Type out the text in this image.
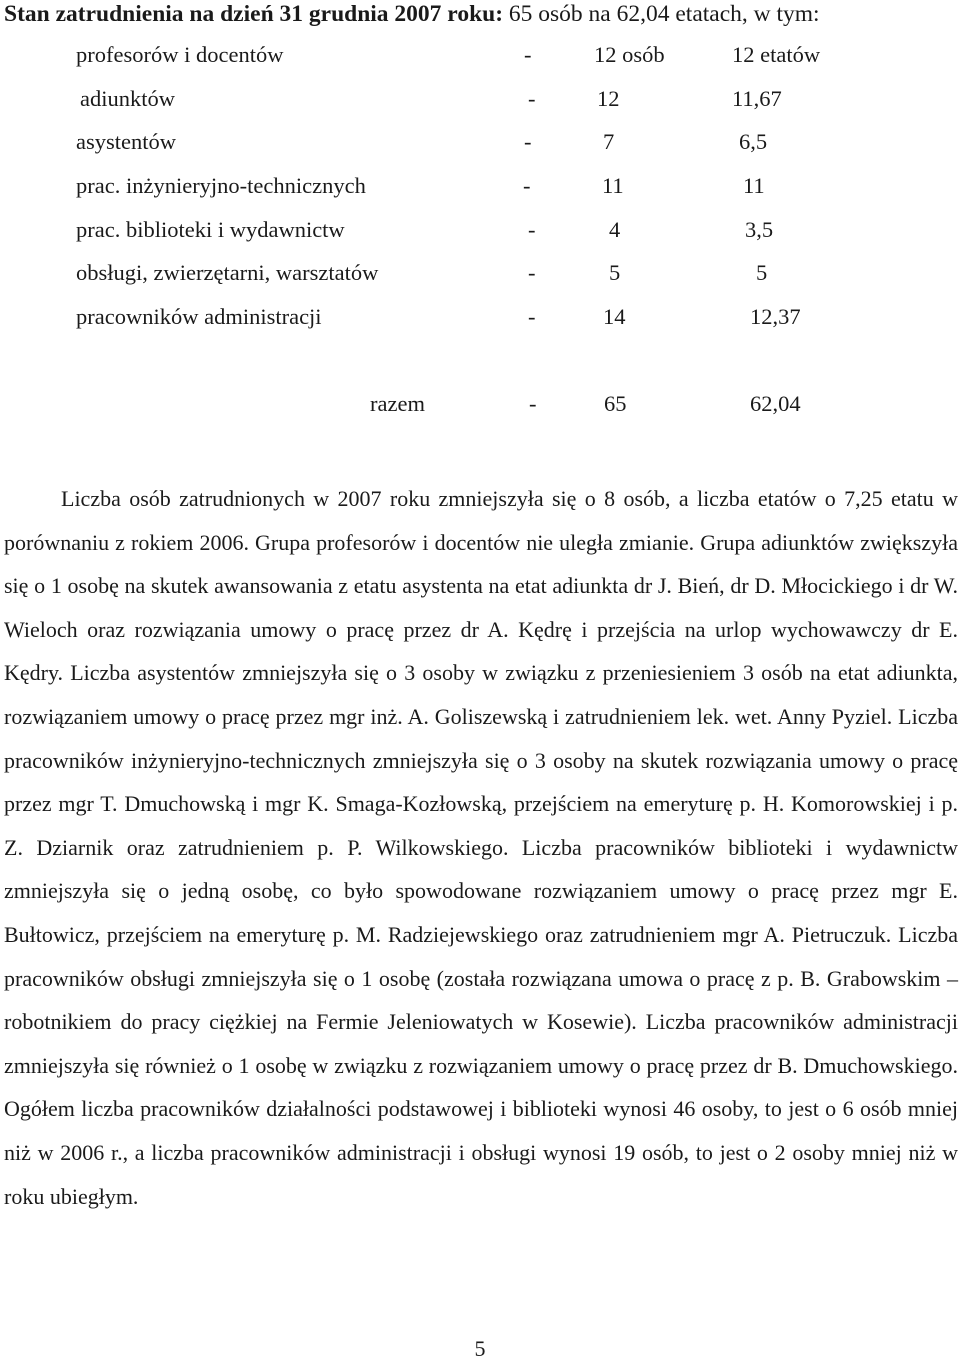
Stan zatrudnienia na dzień 31 grudnia 2007 roku: 65 osób na 62,04 etatach, w tym:
profesorów i docentów	-	12 osób	12 etatów
adiunktów	-	12	11,67
asystentów	-	7	6,5
prac. inżynieryjno-technicznych	-	11	11
prac. biblioteki i wydawnictw	-	4	3,5
obsługi, zwierzętarni, warsztatów	-	5	5
pracowników administracji	-	14	12,37
razem	-	65	62,04

Liczba osób zatrudnionych w 2007 roku zmniejszyła się o 8 osób, a liczba etatów o 7,25 etatu w porównaniu z rokiem 2006. Grupa profesorów i docentów nie uległa zmianie. Grupa adiunktów zwiększyła się o 1 osobę na skutek awansowania z etatu asystenta na etat adiunkta dr J. Bień, dr D. Młocickiego i dr W. Wieloch oraz rozwiązania umowy o pracę przez dr A. Kędrę i przejścia na urlop wychowawczy dr E. Kędry. Liczba asystentów zmniejszyła się o 3 osoby w związku z przeniesieniem 3 osób na etat adiunkta, rozwiązaniem umowy o pracę przez mgr inż. A. Goliszewską i zatrudnieniem lek. wet. Anny Pyziel. Liczba pracowników inżynieryjno-technicznych zmniejszyła się o 3 osoby na skutek rozwiązania umowy o pracę przez mgr T. Dmuchowską i mgr K. Smaga-Kozłowską, przejściem na emeryturę p. H. Komorowskiej i p. Z. Dziarnik oraz zatrudnieniem p. P. Wilkowskiego. Liczba pracowników biblioteki i wydawnictw zmniejszyła się o jedną osobę, co było spowodowane rozwiązaniem umowy o pracę przez mgr E. Bułtowicz, przejściem na emeryturę p. M. Radziejewskiego oraz zatrudnieniem mgr A. Pietruczuk. Liczba pracowników obsługi zmniejszyła się o 1 osobę (została rozwiązana umowa o pracę z p. B. Grabowskim – robotnikiem do pracy ciężkiej na Fermie Jeleniowatych w Kosewie). Liczba pracowników administracji zmniejszyła się również o 1 osobę w związku z rozwiązaniem umowy o pracę przez dr B. Dmuchowskiego. Ogółem liczba pracowników działalności podstawowej i biblioteki wynosi 46 osoby, to jest o 6 osób mniej niż w 2006 r., a liczba pracowników administracji i obsługi wynosi 19 osób, to jest o 2 osoby mniej niż w roku ubiegłym.

5
